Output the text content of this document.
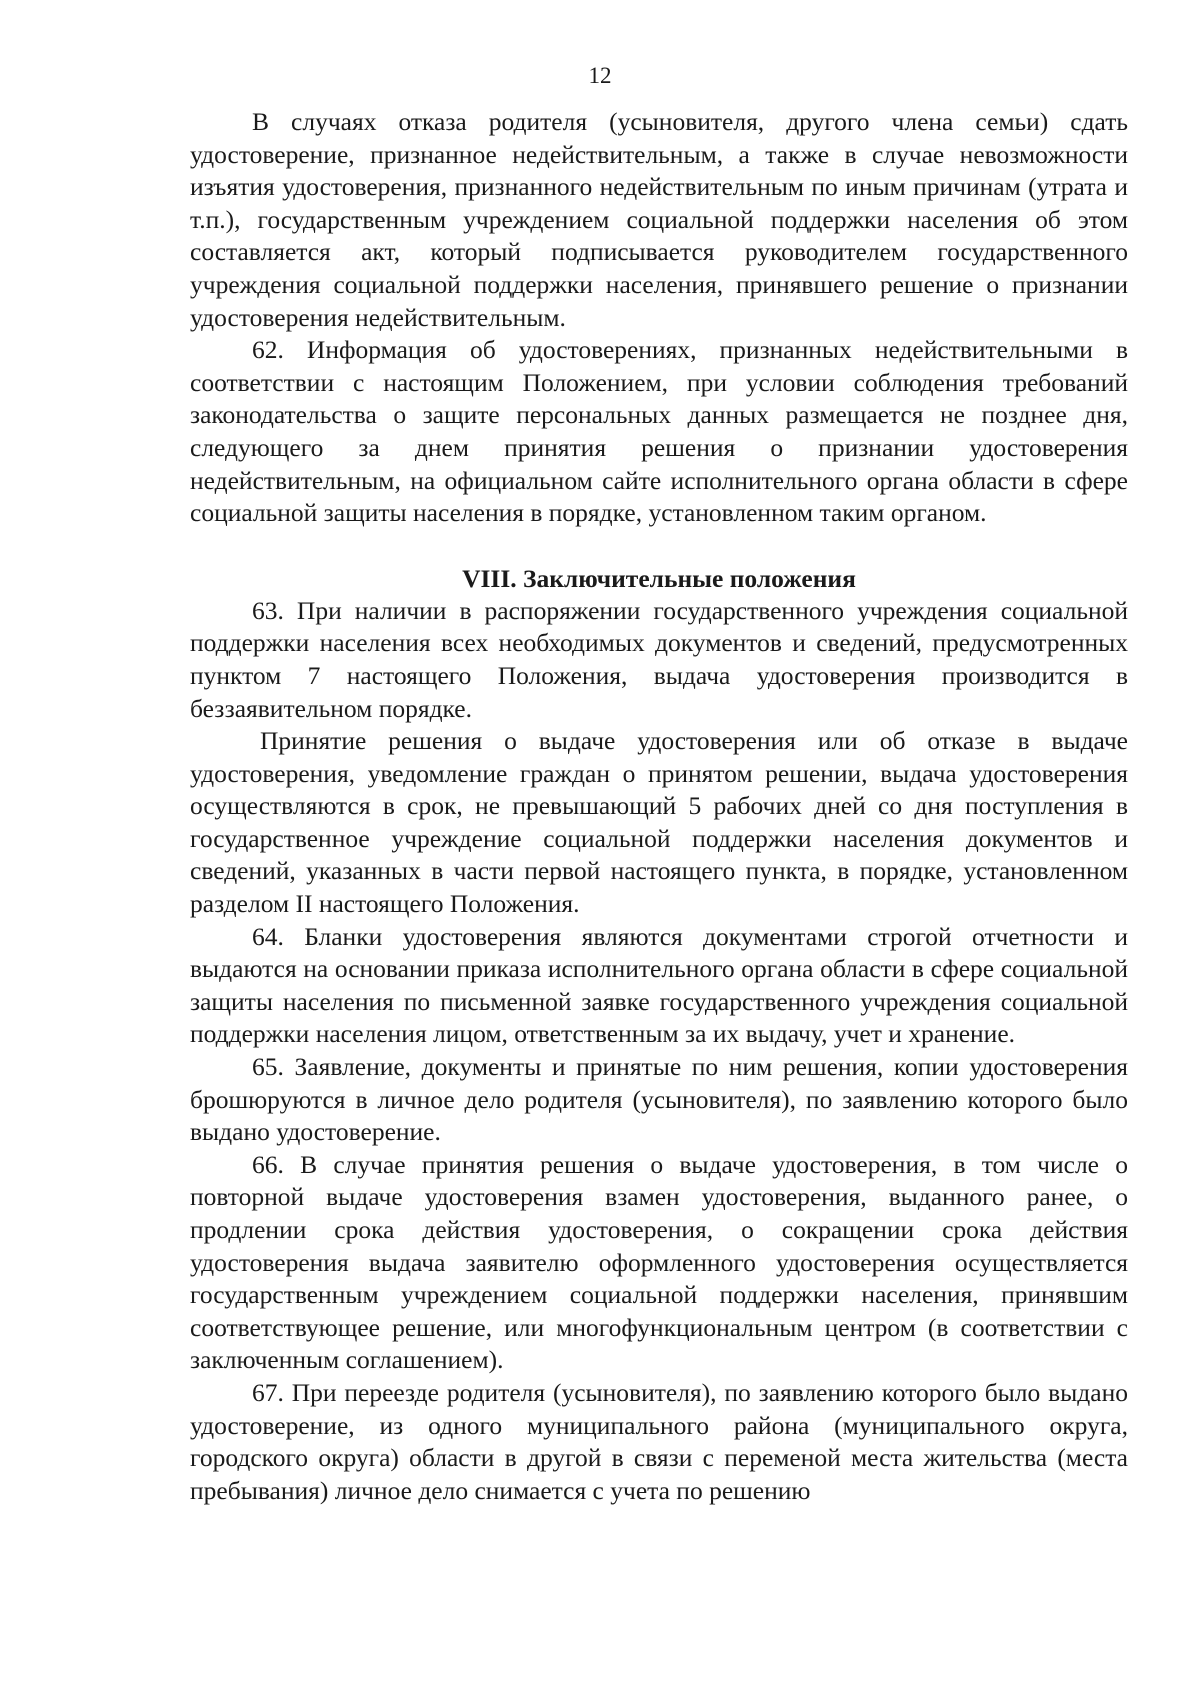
12

В случаях отказа родителя (усыновителя, другого члена семьи) сдать удостоверение, признанное недействительным, а также в случае невозможности изъятия удостоверения, признанного недействительным по иным причинам (утрата и т.п.), государственным учреждением социальной поддержки населения об этом составляется акт, который подписывается руководителем государственного учреждения социальной поддержки населения, принявшего решение о признании удостоверения недействительным.

62. Информация об удостоверениях, признанных недействительными в соответствии с настоящим Положением, при условии соблюдения требований законодательства о защите персональных данных размещается не позднее дня, следующего за днем принятия решения о признании удостоверения недействительным, на официальном сайте исполнительного органа области в сфере социальной защиты населения в порядке, установленном таким органом.

VIII. Заключительные положения

63. При наличии в распоряжении государственного учреждения социальной поддержки населения всех необходимых документов и сведений, предусмотренных пунктом 7 настоящего Положения, выдача удостоверения производится в беззаявительном порядке.

Принятие решения о выдаче удостоверения или об отказе в выдаче удостоверения, уведомление граждан о принятом решении, выдача удостоверения осуществляются в срок, не превышающий 5 рабочих дней со дня поступления в государственное учреждение социальной поддержки населения документов и сведений, указанных в части первой настоящего пункта, в порядке, установленном разделом II настоящего Положения.

64. Бланки удостоверения являются документами строгой отчетности и выдаются на основании приказа исполнительного органа области в сфере социальной защиты населения по письменной заявке государственного учреждения социальной поддержки населения лицом, ответственным за их выдачу, учет и хранение.

65. Заявление, документы и принятые по ним решения, копии удостоверения брошюруются в личное дело родителя (усыновителя), по заявлению которого было выдано удостоверение.

66. В случае принятия решения о выдаче удостоверения, в том числе о повторной выдаче удостоверения взамен удостоверения, выданного ранее, о продлении срока действия удостоверения, о сокращении срока действия удостоверения выдача заявителю оформленного удостоверения осуществляется государственным учреждением социальной поддержки населения, принявшим соответствующее решение, или многофункциональным центром (в соответствии с заключенным соглашением).

67. При переезде родителя (усыновителя), по заявлению которого было выдано удостоверение, из одного муниципального района (муниципального округа, городского округа) области в другой в связи с переменой места жительства (места пребывания) личное дело снимается с учета по решению
